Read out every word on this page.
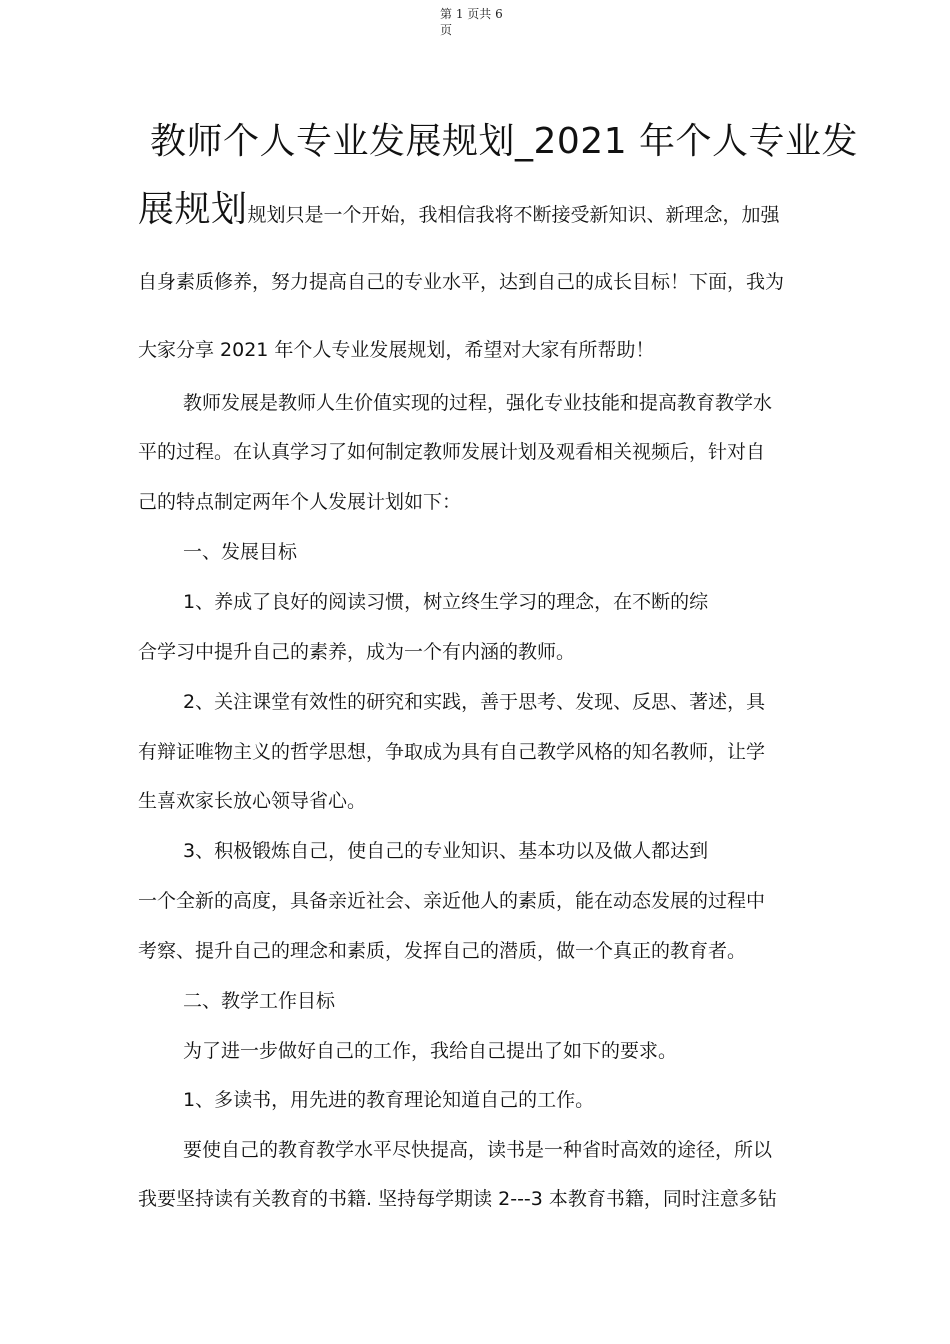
第 1 页共 6
页
教师个人专业发展规划_2021 年个人专业发
展规划规划只是一个开始，我相信我将不断接受新知识、新理念，加强
自身素质修养，努力提高自己的专业水平，达到自己的成长目标！下面，我为
大家分享 2021 年个人专业发展规划，希望对大家有所帮助！
教师发展是教师人生价值实现的过程，强化专业技能和提高教育教学水
平的过程。在认真学习了如何制定教师发展计划及观看相关视频后，针对自
己的特点制定两年个人发展计划如下：
一、发展目标
1、养成了良好的阅读习惯，树立终生学习的理念，在不断的综
合学习中提升自己的素养，成为一个有内涵的教师。
2、关注课堂有效性的研究和实践，善于思考、发现、反思、著述，具
有辩证唯物主义的哲学思想，争取成为具有自己教学风格的知名教师，让学
生喜欢家长放心领导省心。
3、积极锻炼自己，使自己的专业知识、基本功以及做人都达到
一个全新的高度，具备亲近社会、亲近他人的素质，能在动态发展的过程中
考察、提升自己的理念和素质，发挥自己的潜质，做一个真正的教育者。
二、教学工作目标
为了进一步做好自己的工作，我给自己提出了如下的要求。
1、多读书，用先进的教育理论知道自己的工作。
要使自己的教育教学水平尽快提高，读书是一种省时高效的途径，所以
我要坚持读有关教育的书籍. 坚持每学期读 2---3 本教育书籍，同时注意多钻
